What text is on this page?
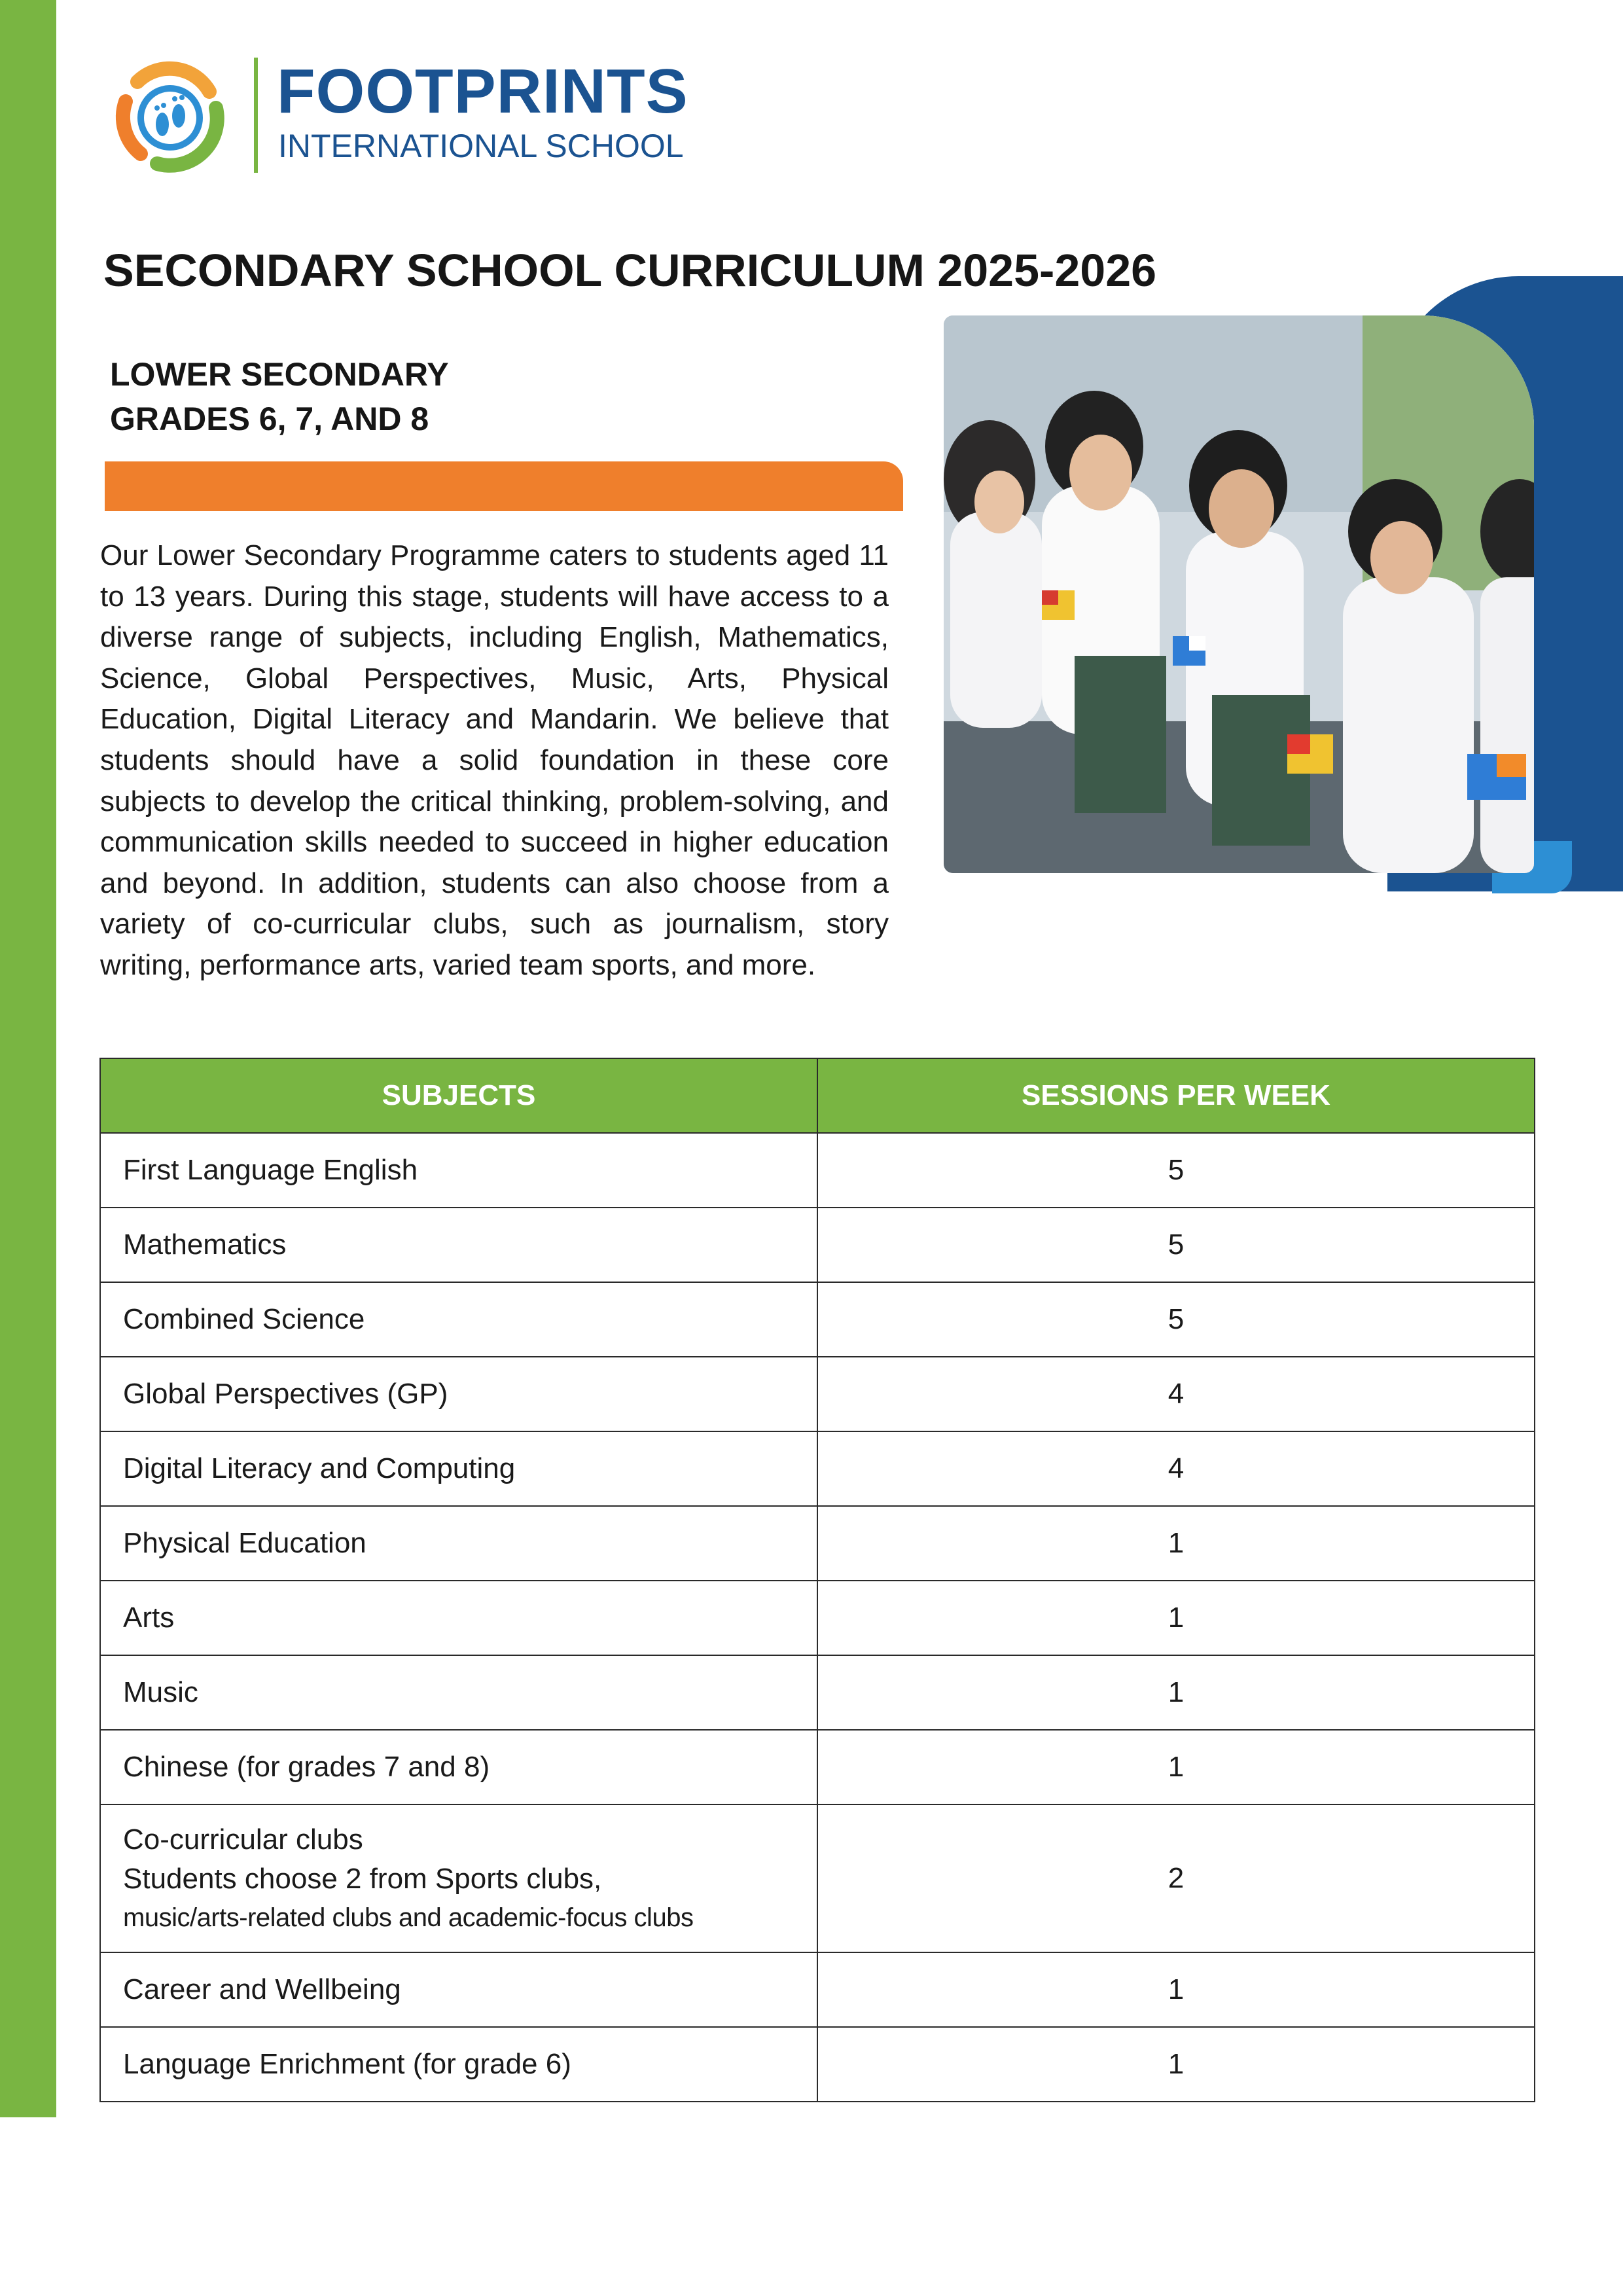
FOOTPRINTS
INTERNATIONAL SCHOOL
SECONDARY SCHOOL CURRICULUM 2025-2026
LOWER SECONDARY
GRADES 6, 7, AND 8
Our Lower Secondary Programme caters to students aged 11 to 13 years. During this stage, students will have access to a diverse range of subjects, including English, Mathematics, Science, Global Perspectives, Music, Arts, Physical Education, Digital Literacy and Mandarin. We believe that students should have a solid foundation in these core subjects to develop the critical thinking, problem-solving, and communication skills needed to succeed in higher education and beyond. In addition, students can also choose from a variety of co-curricular clubs, such as journalism, story writing, performance arts, varied team sports, and more.
SUBJECTS	SESSIONS PER WEEK
First Language English	5
Mathematics	5
Combined Science	5
Global Perspectives (GP)	4
Digital Literacy and Computing	4
Physical Education	1
Arts	1
Music	1
Chinese (for grades 7 and 8)	1

Co-curricular clubs
Students choose 2 from Sports clubs,
music/arts-related clubs and academic-focus clubs	2
Career and Wellbeing	1
Language Enrichment (for grade 6)	1
